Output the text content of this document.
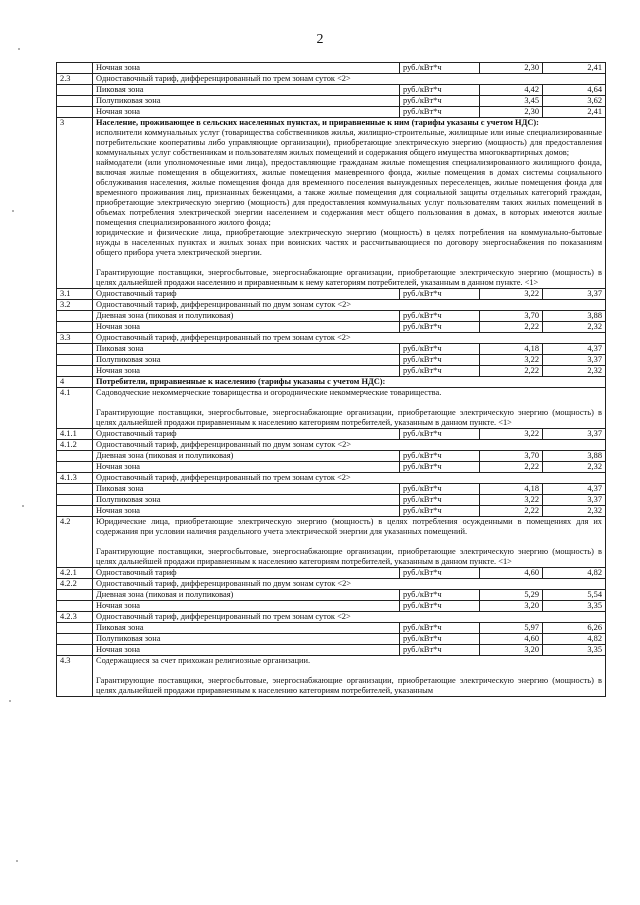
2
	Ночная зона	руб./кВт*ч	2,30	2,41
2.3	Одноставочный тариф, дифференцированный по трем зонам суток <2>			
	Пиковая зона	руб./кВт*ч	4,42	4,64
	Полупиковая зона	руб./кВт*ч	3,45	3,62
	Ночная зона	руб./кВт*ч	2,30	2,41
3	Население, проживающее в сельских населенных пунктах, и приравненные к ним (тарифы указаны с учетом НДС):
исполнители коммунальных услуг (товарищества собственников жилья, жилищно-строительные, жилищные или иные специализированные потребительские кооперативы либо управляющие организации), приобретающие электрическую энергию (мощность) для предоставления коммунальных услуг собственникам и пользователям жилых помещений и содержания общего имущества многоквартирных домов;
наймодатели (или уполномоченные ими лица), предоставляющие гражданам жилые помещения специализированного жилищного фонда, включая жилые помещения в общежитиях, жилые помещения маневренного фонда, жилые помещения в домах системы социального обслуживания населения, жилые помещения фонда для временного поселения вынужденных переселенцев, жилые помещения фонда для временного проживания лиц, признанных беженцами, а также жилые помещения для социальной защиты отдельных категорий граждан, приобретающие электрическую энергию (мощность) для предоставления коммунальных услуг пользователям таких жилых помещений в объемах потребления электрической энергии населением и содержания мест общего пользования в домах, в которых имеются жилые помещения специализированного жилого фонда;
юридические и физические лица, приобретающие электрическую энергию (мощность) в целях потребления на коммунально-бытовые нужды в населенных пунктах и жилых зонах при воинских частях и рассчитывающиеся по договору энергоснабжения по показаниям общего прибора учета электрической энергии.
Гарантирующие поставщики, энергосбытовые, энергоснабжающие организации, приобретающие электрическую энергию (мощность) в целях дальнейшей продажи населению и приравненным к нему категориям потребителей, указанным в данном пункте. <1>			

3.1	Одноставочный тариф	руб./кВт*ч	3,22	3,37
3.2	Одноставочный тариф, дифференцированный по двум зонам суток <2>			
	Дневная зона (пиковая и полупиковая)	руб./кВт*ч	3,70	3,88
	Ночная зона	руб./кВт*ч	2,22	2,32
3.3	Одноставочный тариф, дифференцированный по трем зонам суток <2>			
	Пиковая зона	руб./кВт*ч	4,18	4,37
	Полупиковая зона	руб./кВт*ч	3,22	3,37
	Ночная зона	руб./кВт*ч	2,22	2,32
4	Потребители, приравненные к населению (тарифы указаны с учетом НДС):			
4.1	Садоводческие некоммерческие товарищества и огороднические некоммерческие товарищества.
Гарантирующие поставщики, энергосбытовые, энергоснабжающие организации, приобретающие электрическую энергию (мощность) в целях дальнейшей продажи приравненным к населению категориям потребителей, указанным в данном пункте. <1>			

4.1.1	Одноставочный тариф	руб./кВт*ч	3,22	3,37
4.1.2	Одноставочный тариф, дифференцированный по двум зонам суток <2>			
	Дневная зона (пиковая и полупиковая)	руб./кВт*ч	3,70	3,88
	Ночная зона	руб./кВт*ч	2,22	2,32
4.1.3	Одноставочный тариф, дифференцированный по трем зонам суток <2>			
	Пиковая зона	руб./кВт*ч	4,18	4,37
	Полупиковая зона	руб./кВт*ч	3,22	3,37
	Ночная зона	руб./кВт*ч	2,22	2,32
4.2	Юридические лица, приобретающие электрическую энергию (мощность) в целях потребления осужденными в помещениях для их содержания при условии наличия раздельного учета электрической энергии для указанных помещений.
Гарантирующие поставщики, энергосбытовые, энергоснабжающие организации, приобретающие электрическую энергию (мощность) в целях дальнейшей продажи приравненным к населению категориям потребителей, указанным в данном пункте. <1>			

4.2.1	Одноставочный тариф	руб./кВт*ч	4,60	4,82
4.2.2	Одноставочный тариф, дифференцированный по двум зонам суток <2>			
	Дневная зона (пиковая и полупиковая)	руб./кВт*ч	5,29	5,54
	Ночная зона	руб./кВт*ч	3,20	3,35
4.2.3	Одноставочный тариф, дифференцированный по трем зонам суток <2>			
	Пиковая зона	руб./кВт*ч	5,97	6,26
	Полупиковая зона	руб./кВт*ч	4,60	4,82
	Ночная зона	руб./кВт*ч	3,20	3,35
4.3	Содержащиеся за счет прихожан религиозные организации.
Гарантирующие поставщики, энергосбытовые, энергоснабжающие организации, приобретающие электрическую энергию (мощность) в целях дальнейшей продажи приравненным к населению категориям потребителей, указанным			
